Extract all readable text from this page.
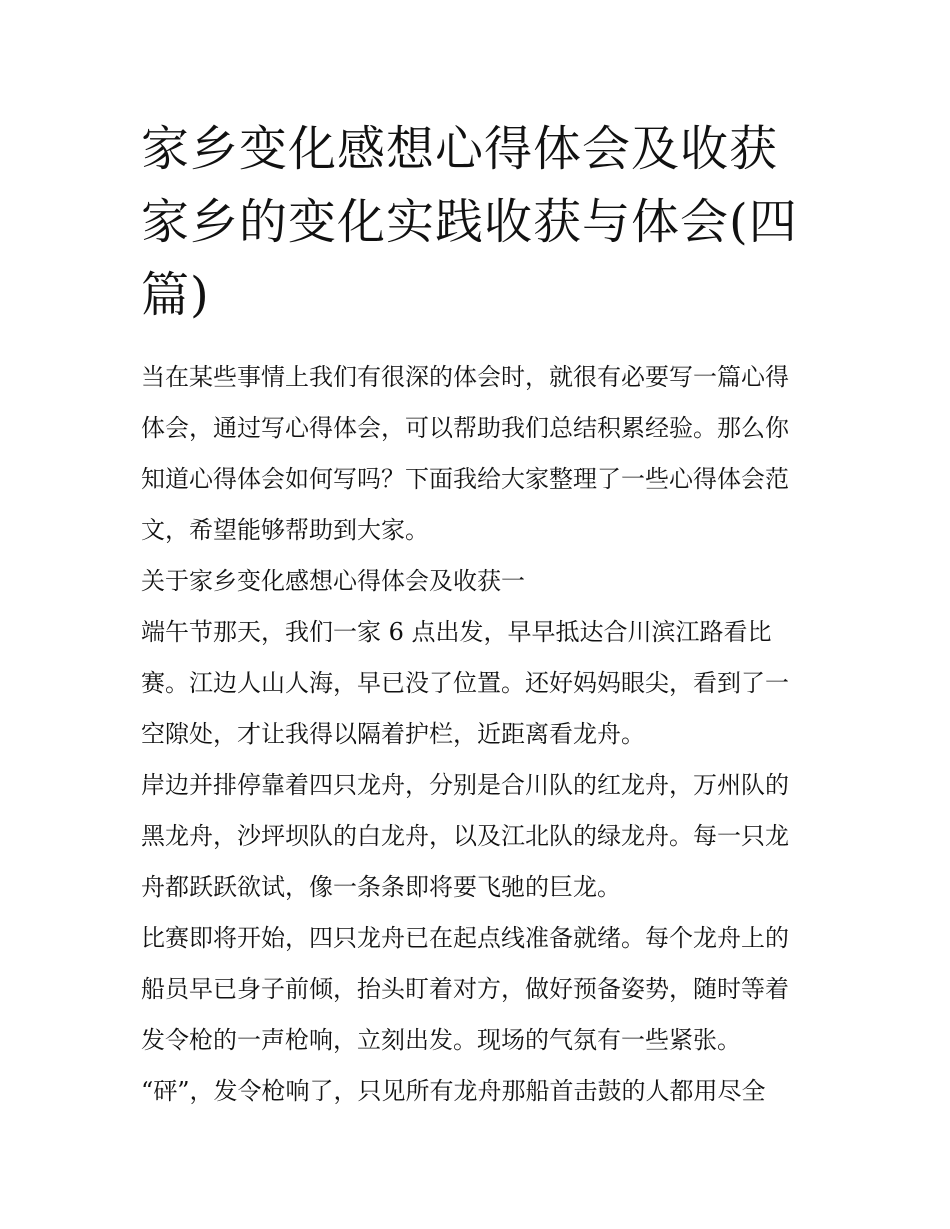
家乡变化感想心得体会及收获
家乡的变化实践收获与体会(四
篇)
当在某些事情上我们有很深的体会时，就很有必要写一篇心得
体会，通过写心得体会，可以帮助我们总结积累经验。那么你
知道心得体会如何写吗？下面我给大家整理了一些心得体会范
文，希望能够帮助到大家。
关于家乡变化感想心得体会及收获一
端午节那天，我们一家 6 点出发，早早抵达合川滨江路看比
赛。江边人山人海，早已没了位置。还好妈妈眼尖，看到了一
空隙处，才让我得以隔着护栏，近距离看龙舟。
岸边并排停靠着四只龙舟，分别是合川队的红龙舟，万州队的
黑龙舟，沙坪坝队的白龙舟，以及江北队的绿龙舟。每一只龙
舟都跃跃欲试，像一条条即将要飞驰的巨龙。
比赛即将开始，四只龙舟已在起点线准备就绪。每个龙舟上的
船员早已身子前倾，抬头盯着对方，做好预备姿势，随时等着
发令枪的一声枪响，立刻出发。现场的气氛有一些紧张。
“砰”，发令枪响了，只见所有龙舟那船首击鼓的人都用尽全
